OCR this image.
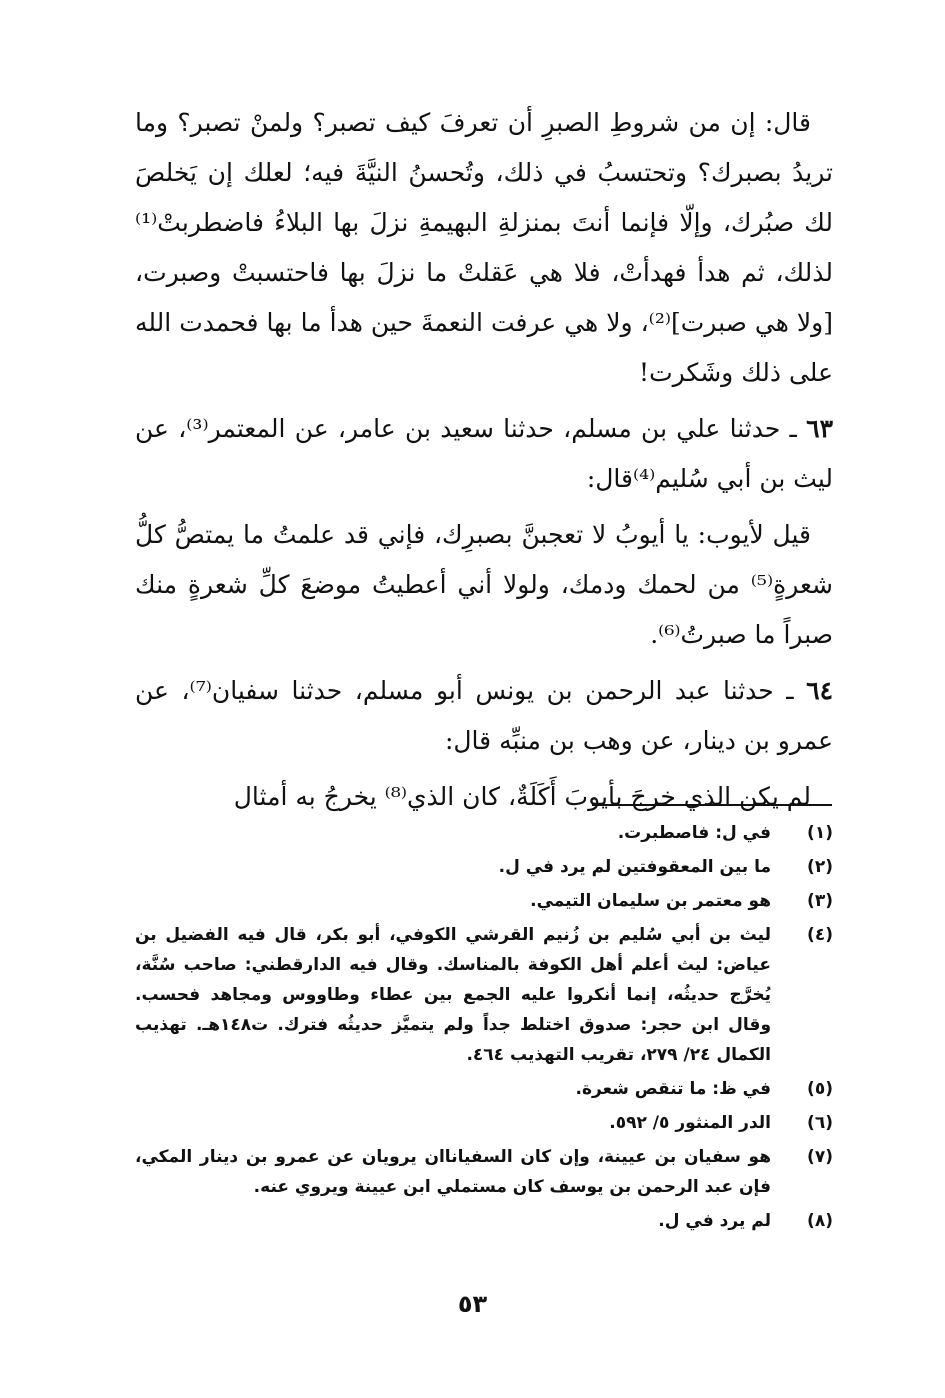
قال: إن من شروطِ الصبرِ أن تعرفَ كيف تصبر؟ ولمنْ تصبر؟ وما تريدُ بصبرك؟ وتحتسبُ في ذلك، وتُحسنُ النيَّةَ فيه؛ لعلك إن يَخلصَ لك صبُرك، وإلّا فإنما أنتَ بمنزلةِ البهيمةِ نزلَ بها البلاءُ فاضطربتْ⁽¹⁾ لذلك، ثم هدأ فهدأتْ، فلا هي عَقلتْ ما نزلَ بها فاحتسبتْ وصبرت، [ولا هي صبرت]⁽²⁾، ولا هي عرفت النعمةَ حين هدأ ما بها فحمدت الله على ذلك وشَكرت!

٦٣ ـ حدثنا علي بن مسلم، حدثنا سعيد بن عامر، عن المعتمر⁽³⁾، عن ليث بن أبي سُليم⁽⁴⁾قال:

قيل لأيوب: يا أيوبُ لا تعجبنَّ بصبرِك، فإني قد علمتُ ما يمتصُّ كلُّ شعرةٍ⁽⁵⁾ من لحمك ودمك، ولولا أني أعطيتُ موضعَ كلِّ شعرةٍ منك صبراً ما صبرتُ⁽⁶⁾.

٦٤ ـ حدثنا عبد الرحمن بن يونس أبو مسلم، حدثنا سفيان⁽⁷⁾، عن عمرو بن دينار، عن وهب بن منبِّه قال:

لم يكن الذي خرجَ بأيوبَ أَكَلَةٌ، كان الذي⁽⁸⁾ يخرجُ به أمثال

(١)
في ل: فاصطبرت.
(٢)
ما بين المعقوفتين لم يرد في ل.
(٣)
هو معتمر بن سليمان التيمي.
(٤)
ليث بن أبي سُليم بن زُنيم القرشي الكوفي، أبو بكر، قال فيه الفضيل بن عياض: ليث أعلم أهل الكوفة بالمناسك. وقال فيه الدارقطني: صاحب سُنَّة، يُخرَّج حديثُه، إنما أنكروا عليه الجمع بين عطاء وطاووس ومجاهد فحسب. وقال ابن حجر: صدوق اختلط جداً ولم يتميَّز حديثُه فترك. ت١٤٨هـ. تهذيب الكمال ٢٤/ ٢٧٩، تقريب التهذيب ٤٦٤.
(٥)
في ظ: ما تنقص شعرة.
(٦)
الدر المنثور ٥/ ٥٩٢.
(٧)
هو سفيان بن عيينة، وإن كان السفياناان يرويان عن عمرو بن دينار المكي، فإن عبد الرحمن بن يوسف كان مستملي ابن عيينة ويروي عنه.
(٨)
لم يرد في ل.
٥٣
